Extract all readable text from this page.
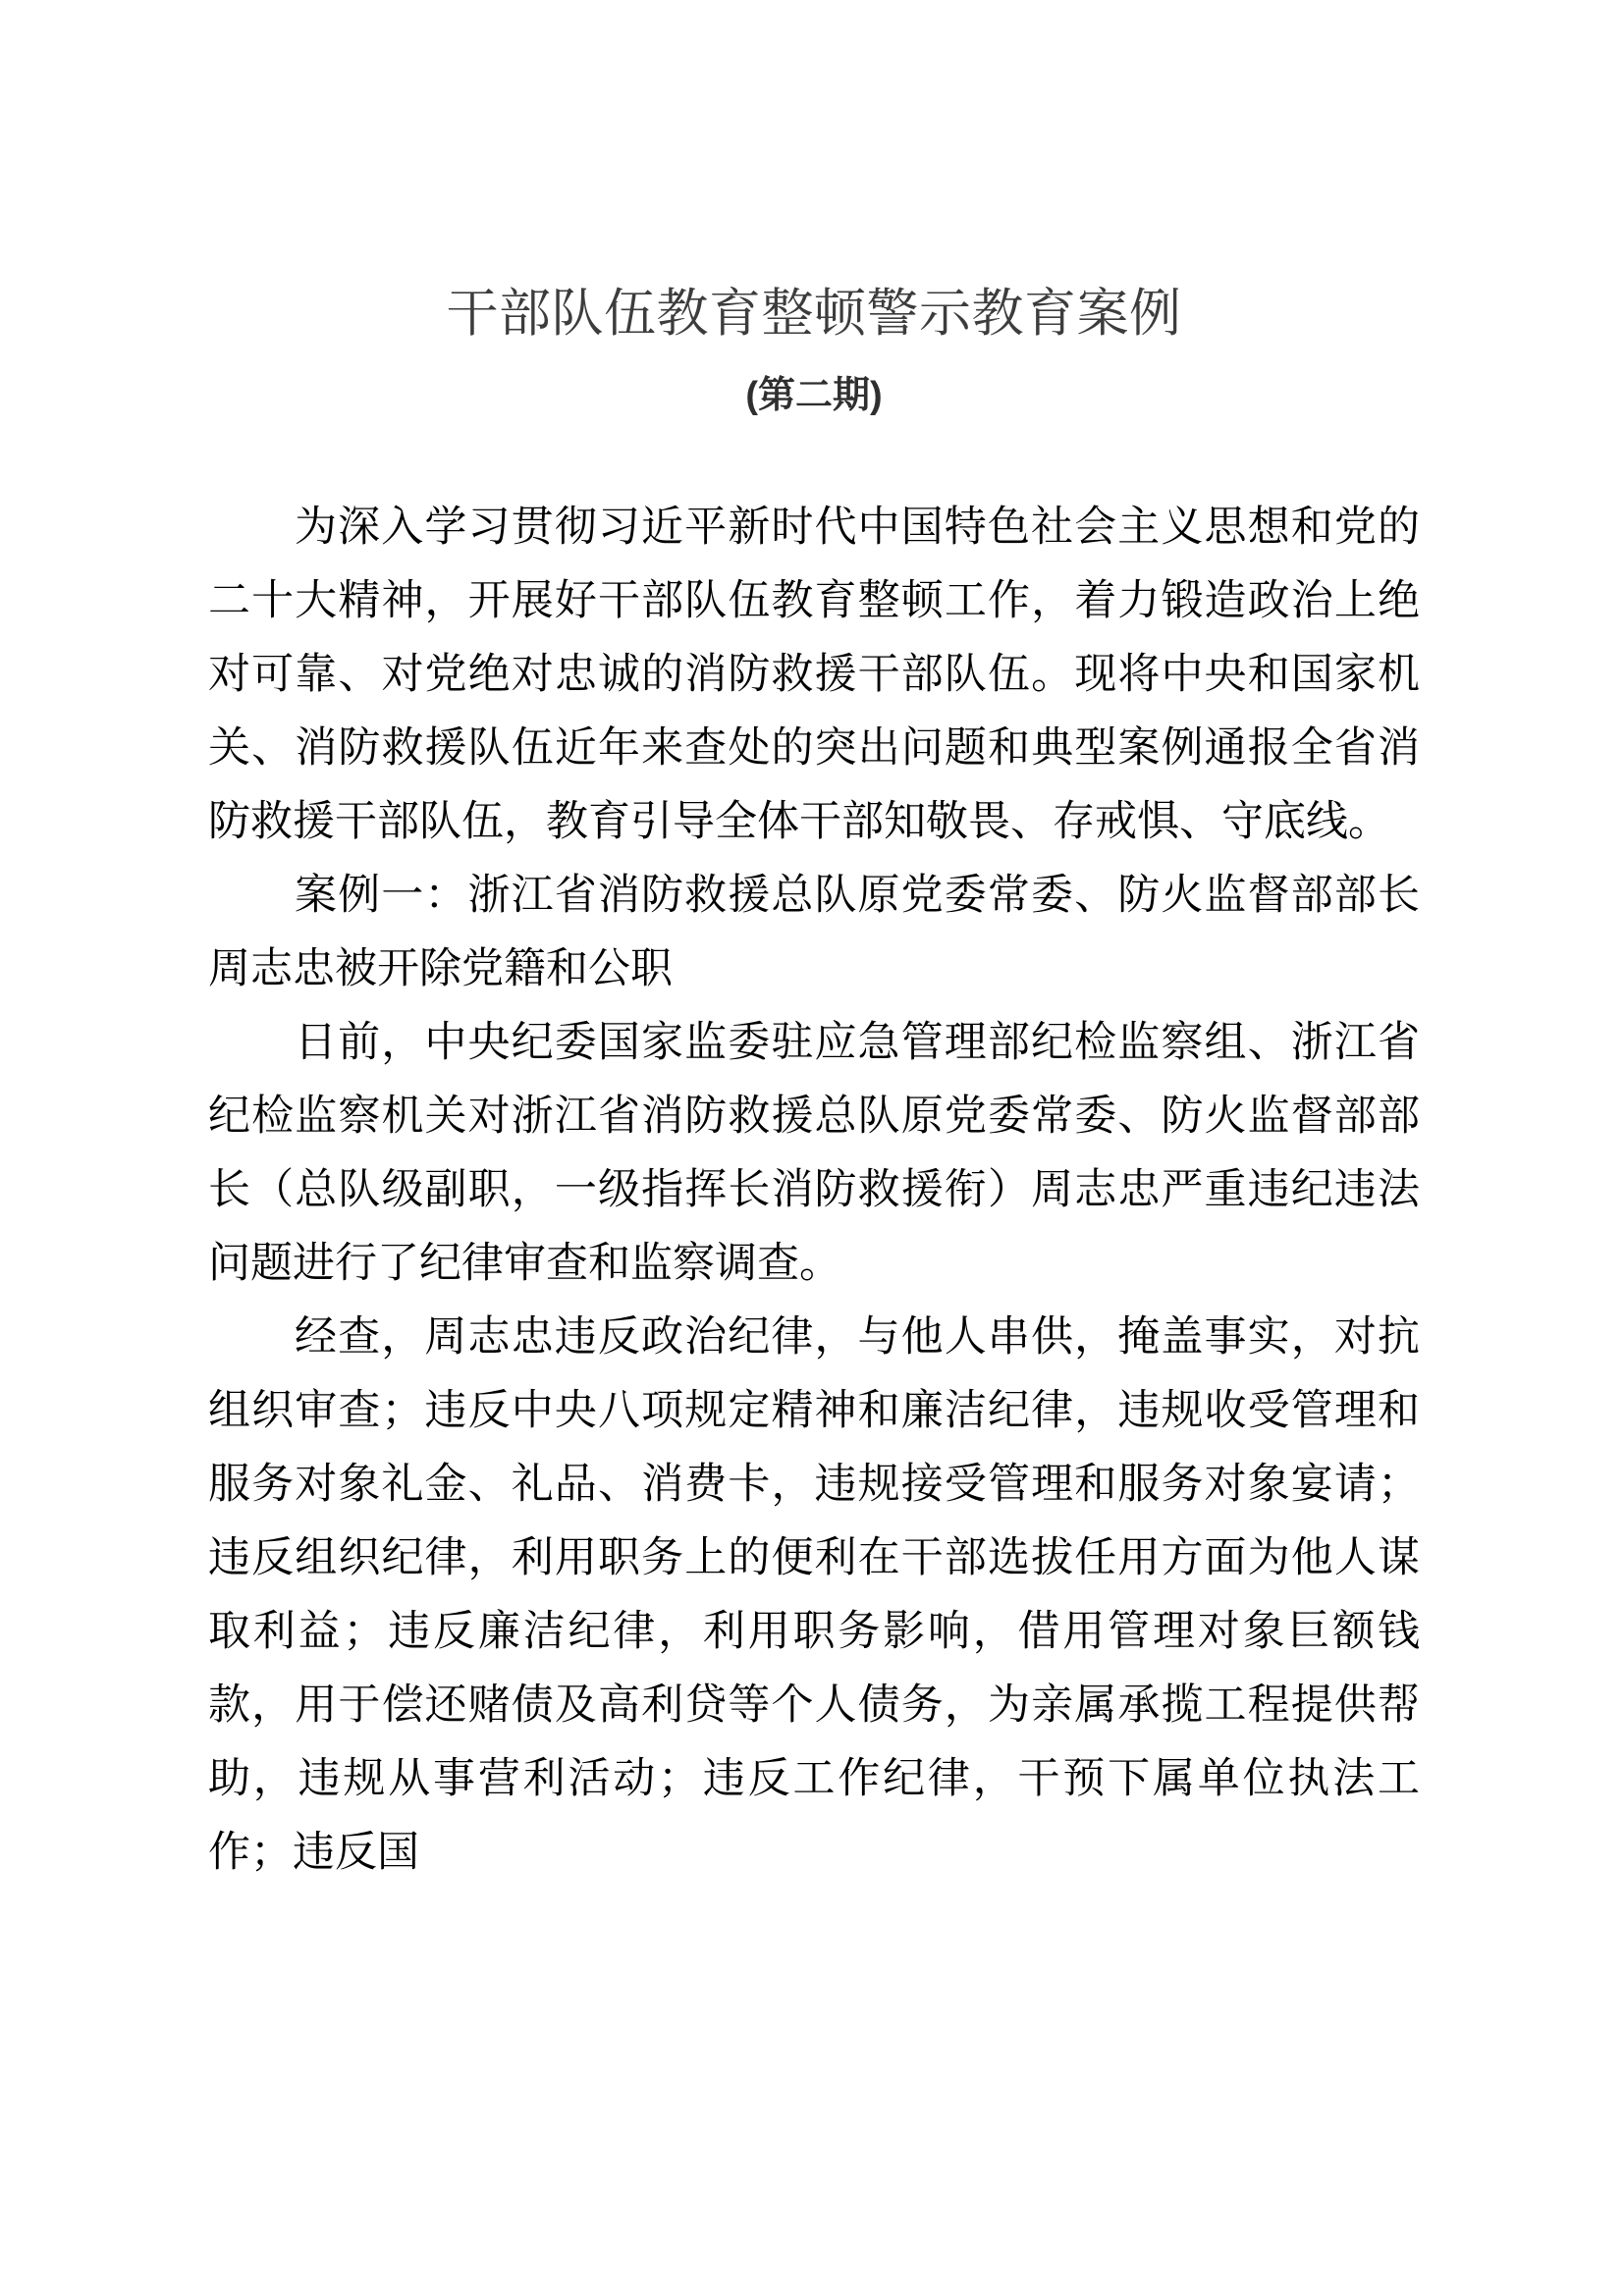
干部队伍教育整顿警示教育案例
(第二期)

为深入学习贯彻习近平新时代中国特色社会主义思想和党的二十大精神，开展好干部队伍教育整顿工作，着力锻造政治上绝对可靠、对党绝对忠诚的消防救援干部队伍。现将中央和国家机关、消防救援队伍近年来查处的突出问题和典型案例通报全省消防救援干部队伍，教育引导全体干部知敬畏、存戒惧、守底线。

案例一：浙江省消防救援总队原党委常委、防火监督部部长周志忠被开除党籍和公职

日前，中央纪委国家监委驻应急管理部纪检监察组、浙江省纪检监察机关对浙江省消防救援总队原党委常委、防火监督部部长（总队级副职，一级指挥长消防救援衔）周志忠严重违纪违法问题进行了纪律审查和监察调查。

经查，周志忠违反政治纪律，与他人串供，掩盖事实，对抗组织审查；违反中央八项规定精神和廉洁纪律，违规收受管理和服务对象礼金、礼品、消费卡，违规接受管理和服务对象宴请；违反组织纪律，利用职务上的便利在干部选拔任用方面为他人谋取利益；违反廉洁纪律，利用职务影响，借用管理对象巨额钱款，用于偿还赌债及高利贷等个人债务，为亲属承揽工程提供帮助，违规从事营利活动；违反工作纪律，干预下属单位执法工作；违反国
